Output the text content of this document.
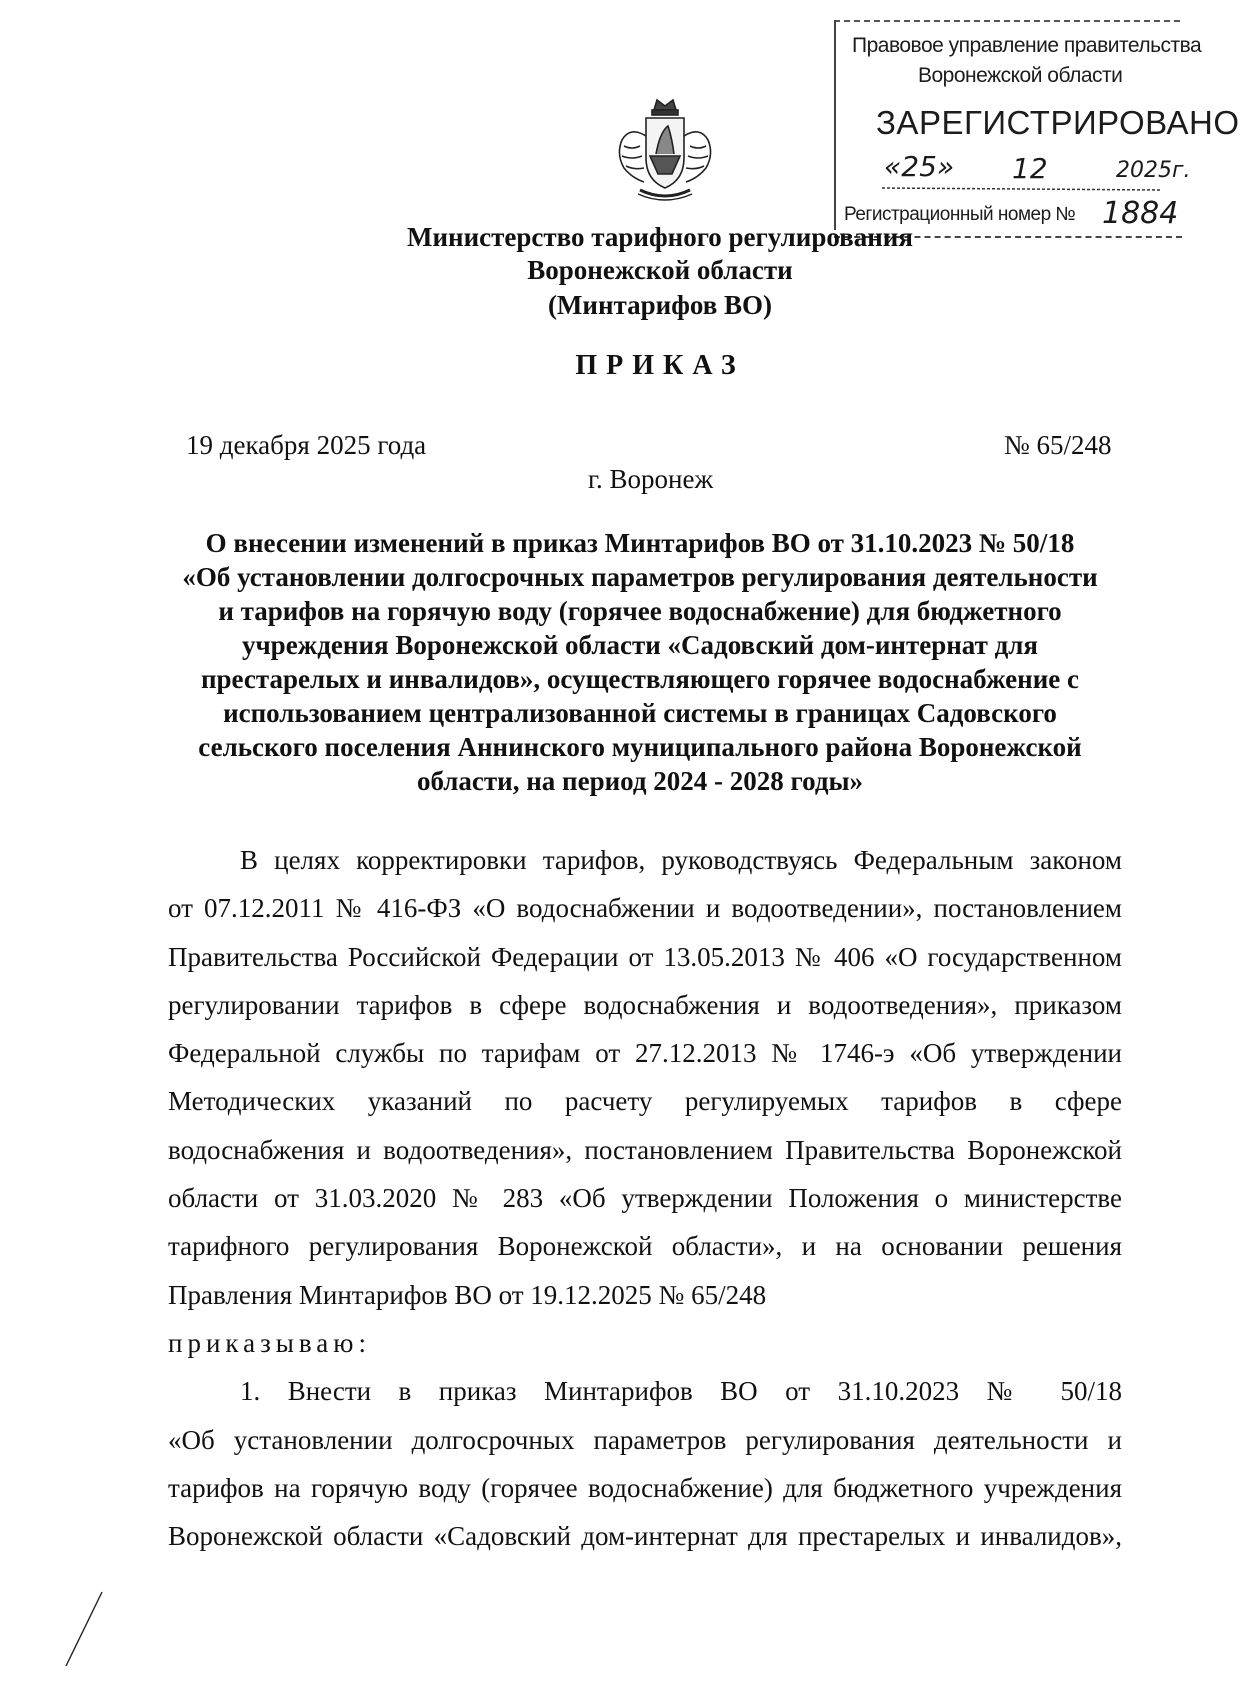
Правовое управление правительства
Воронежской области
ЗАРЕГИСТРИРОВАНО
«25» 12	2025г.
Регистрационный номер № 1884
Министерство тарифного регулирования
Воронежской области
(Минтарифов ВО)
ПРИКАЗ
19 декабря 2025 года	№ 65/248
г. Воронеж
О внесении изменений в приказ Минтарифов ВО от 31.10.2023 № 50/18
«Об установлении долгосрочных параметров регулирования деятельности
и тарифов на горячую воду (горячее водоснабжение) для бюджетного
учреждения Воронежской области «Садовский дом-интернат для
престарелых и инвалидов», осуществляющего горячее водоснабжение с
использованием централизованной системы в границах Садовского
сельского поселения Аннинского муниципального района Воронежской
области, на период 2024 - 2028 годы»
В целях корректировки тарифов, руководствуясь Федеральным законом
от 07.12.2011 № 416-ФЗ «О водоснабжении и водоотведении», постановлением
Правительства Российской Федерации от 13.05.2013 № 406 «О государственном
регулировании тарифов в сфере водоснабжения и водоотведения», приказом
Федеральной службы по тарифам от 27.12.2013 № 1746-э «Об утверждении
Методических указаний по расчету регулируемых тарифов в сфере
водоснабжения и водоотведения», постановлением Правительства Воронежской
области от 31.03.2020 № 283 «Об утверждении Положения о министерстве
тарифного регулирования Воронежской области», и на основании решения
Правления Минтарифов ВО от 19.12.2025 № 65/248
приказываю:
1. Внести в приказ Минтарифов ВО от 31.10.2023 № 50/18
«Об установлении долгосрочных параметров регулирования деятельности и
тарифов на горячую воду (горячее водоснабжение) для бюджетного учреждения
Воронежской области «Садовский дом-интернат для престарелых и инвалидов»,
